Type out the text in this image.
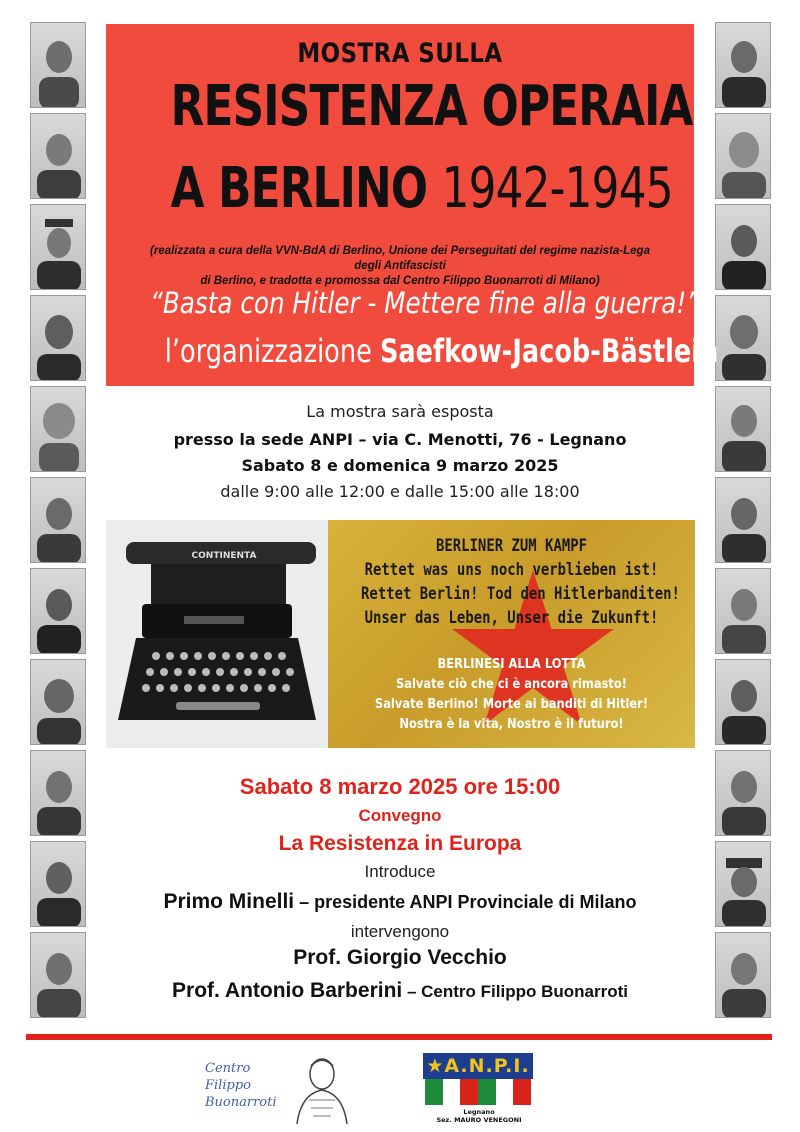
MOSTRA SULLA
RESISTENZA OPERAIA
A BERLINO 1942-1945
(realizzata a cura della VVN-BdA di Berlino, Unione dei Perseguitati del regime nazista-Lega degli Antifascisti
di Berlino, e tradotta e promossa dal Centro Filippo Buonarroti di Milano)
“Basta con Hitler - Mettere fine alla guerra!”
l’organizzazione Saefkow-Jacob-Bästlein
La mostra sarà esposta
presso la sede ANPI – via C. Menotti, 76 - Legnano
Sabato 8 e domenica 9 marzo 2025
dalle 9:00 alle 12:00 e dalle 15:00 alle 18:00
CONTINENTA	BERLINER ZUM KAMPF
Rettet was uns noch verblieben ist!
Rettet Berlin! Tod den Hitlerbanditen!
Unser das Leben, Unser die Zukunft!
BERLINESI ALLA LOTTA
Salvate ciò che ci è ancora rimasto!
Salvate Berlino! Morte ai banditi di Hitler!
Nostra è la vita, Nostro è il futuro!
Sabato 8 marzo 2025 ore 15:00
Convegno
La Resistenza in Europa
Introduce
Primo Minelli – presidente ANPI Provinciale di Milano
intervengono
Prof. Giorgio Vecchio
Prof. Antonio Barberini – Centro Filippo Buonarroti
Centro
Filippo
Buonarroti
★A.N.P.I.
Legnano
Sez. MAURO VENEGONI
